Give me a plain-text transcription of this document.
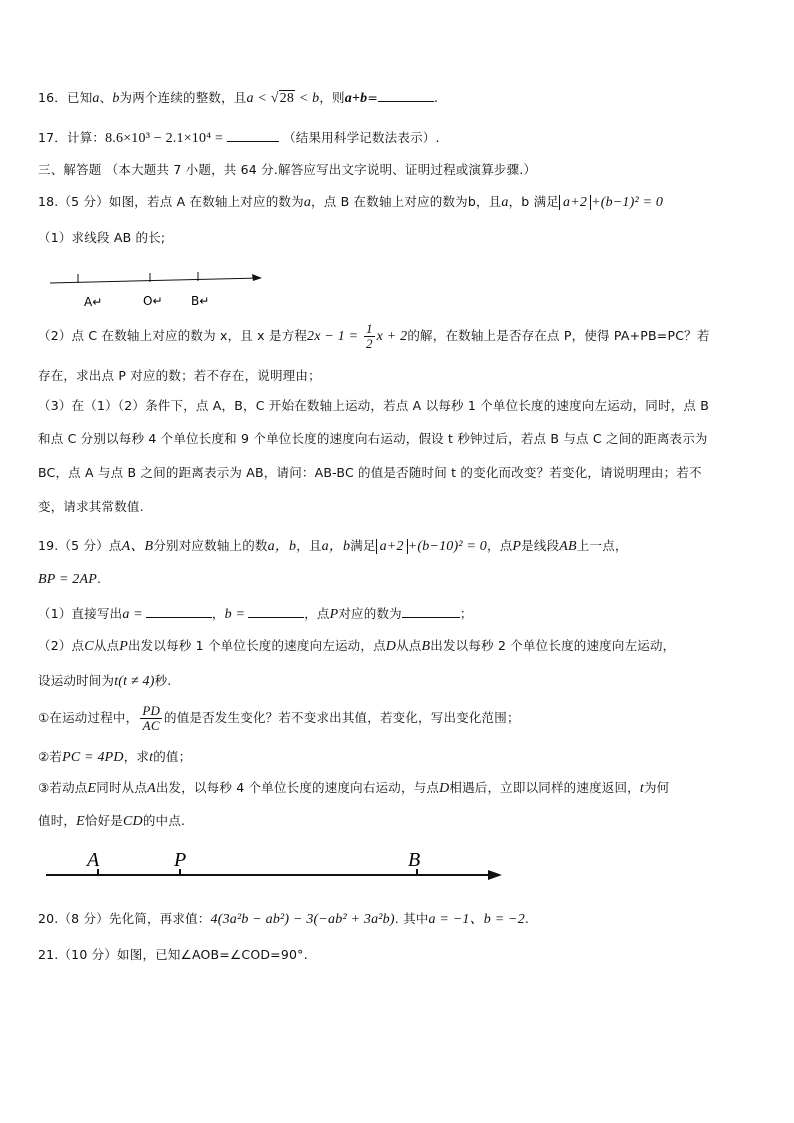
16．已知a、b为两个连续的整数，且a < √28 < b，则a+b=	.
17．计算：8.6×10³ − 2.1×10⁴ =	（结果用科学记数法表示）.
三、解答题 （本大题共 7 小题，共 64 分.解答应写出文字说明、证明过程或演算步骤.）
18.（5 分）如图，若点 A 在数轴上对应的数为a，点 B 在数轴上对应的数为b，且a，b 满足 a+2 +(b−1)² = 0
（1）求线段 AB 的长;
A↵	O↵ B↵
（2）点 C 在数轴上对应的数为 x，且 x 是方程$2x - 1 = \frac{1}{2}$ x + 2的解，在数轴上是否存在点 P，使得 PA+PB=PC？若
存在，求出点 P 对应的数；若不存在，说明理由；
（3）在（1）（2）条件下，点 A，B，C 开始在数轴上运动，若点 A 以每秒 1 个单位长度的速度向左运动，同时，点 B
和点 C 分别以每秒 4 个单位长度和 9 个单位长度的速度向右运动，假设 t 秒钟过后，若点 B 与点 C 之间的距离表示为
BC，点 A 与点 B 之间的距离表示为 AB，请问：AB-BC 的值是否随时间 t 的变化而改变？若变化，请说明理由；若不
变，请求其常数值.
19.（5 分）点A、B分别对应数轴上的数a，b，且a，b满足 a+2 +(b−10)² = 0，点P是线段AB上一点，
BP = 2AP.
（1）直接写出a =	，b =	，点P对应的数为	；
（2）点C从点P出发以每秒 1 个单位长度的速度向左运动，点D从点B出发以每秒 2 个单位长度的速度向左运动，
设运动时间为t(t ≠ 4)秒.
①在运动过程中， $\frac{PD}{AC}$ 的值是否发生变化？若不变求出其值，若变化，写出变化范围；
②若PC = 4PD，求t的值；
③若动点E同时从点A出发，以每秒 4 个单位长度的速度向右运动，与点D相遇后，立即以同样的速度返回，t为何
值时，E恰好是CD的中点.
A	P	B
20.（8 分）先化简，再求值：4(3a²b − ab²) − 3(−ab² + 3a²b). 其中a = −1、b = −2.
21.（10 分）如图，已知∠AOB=∠COD=90°.
